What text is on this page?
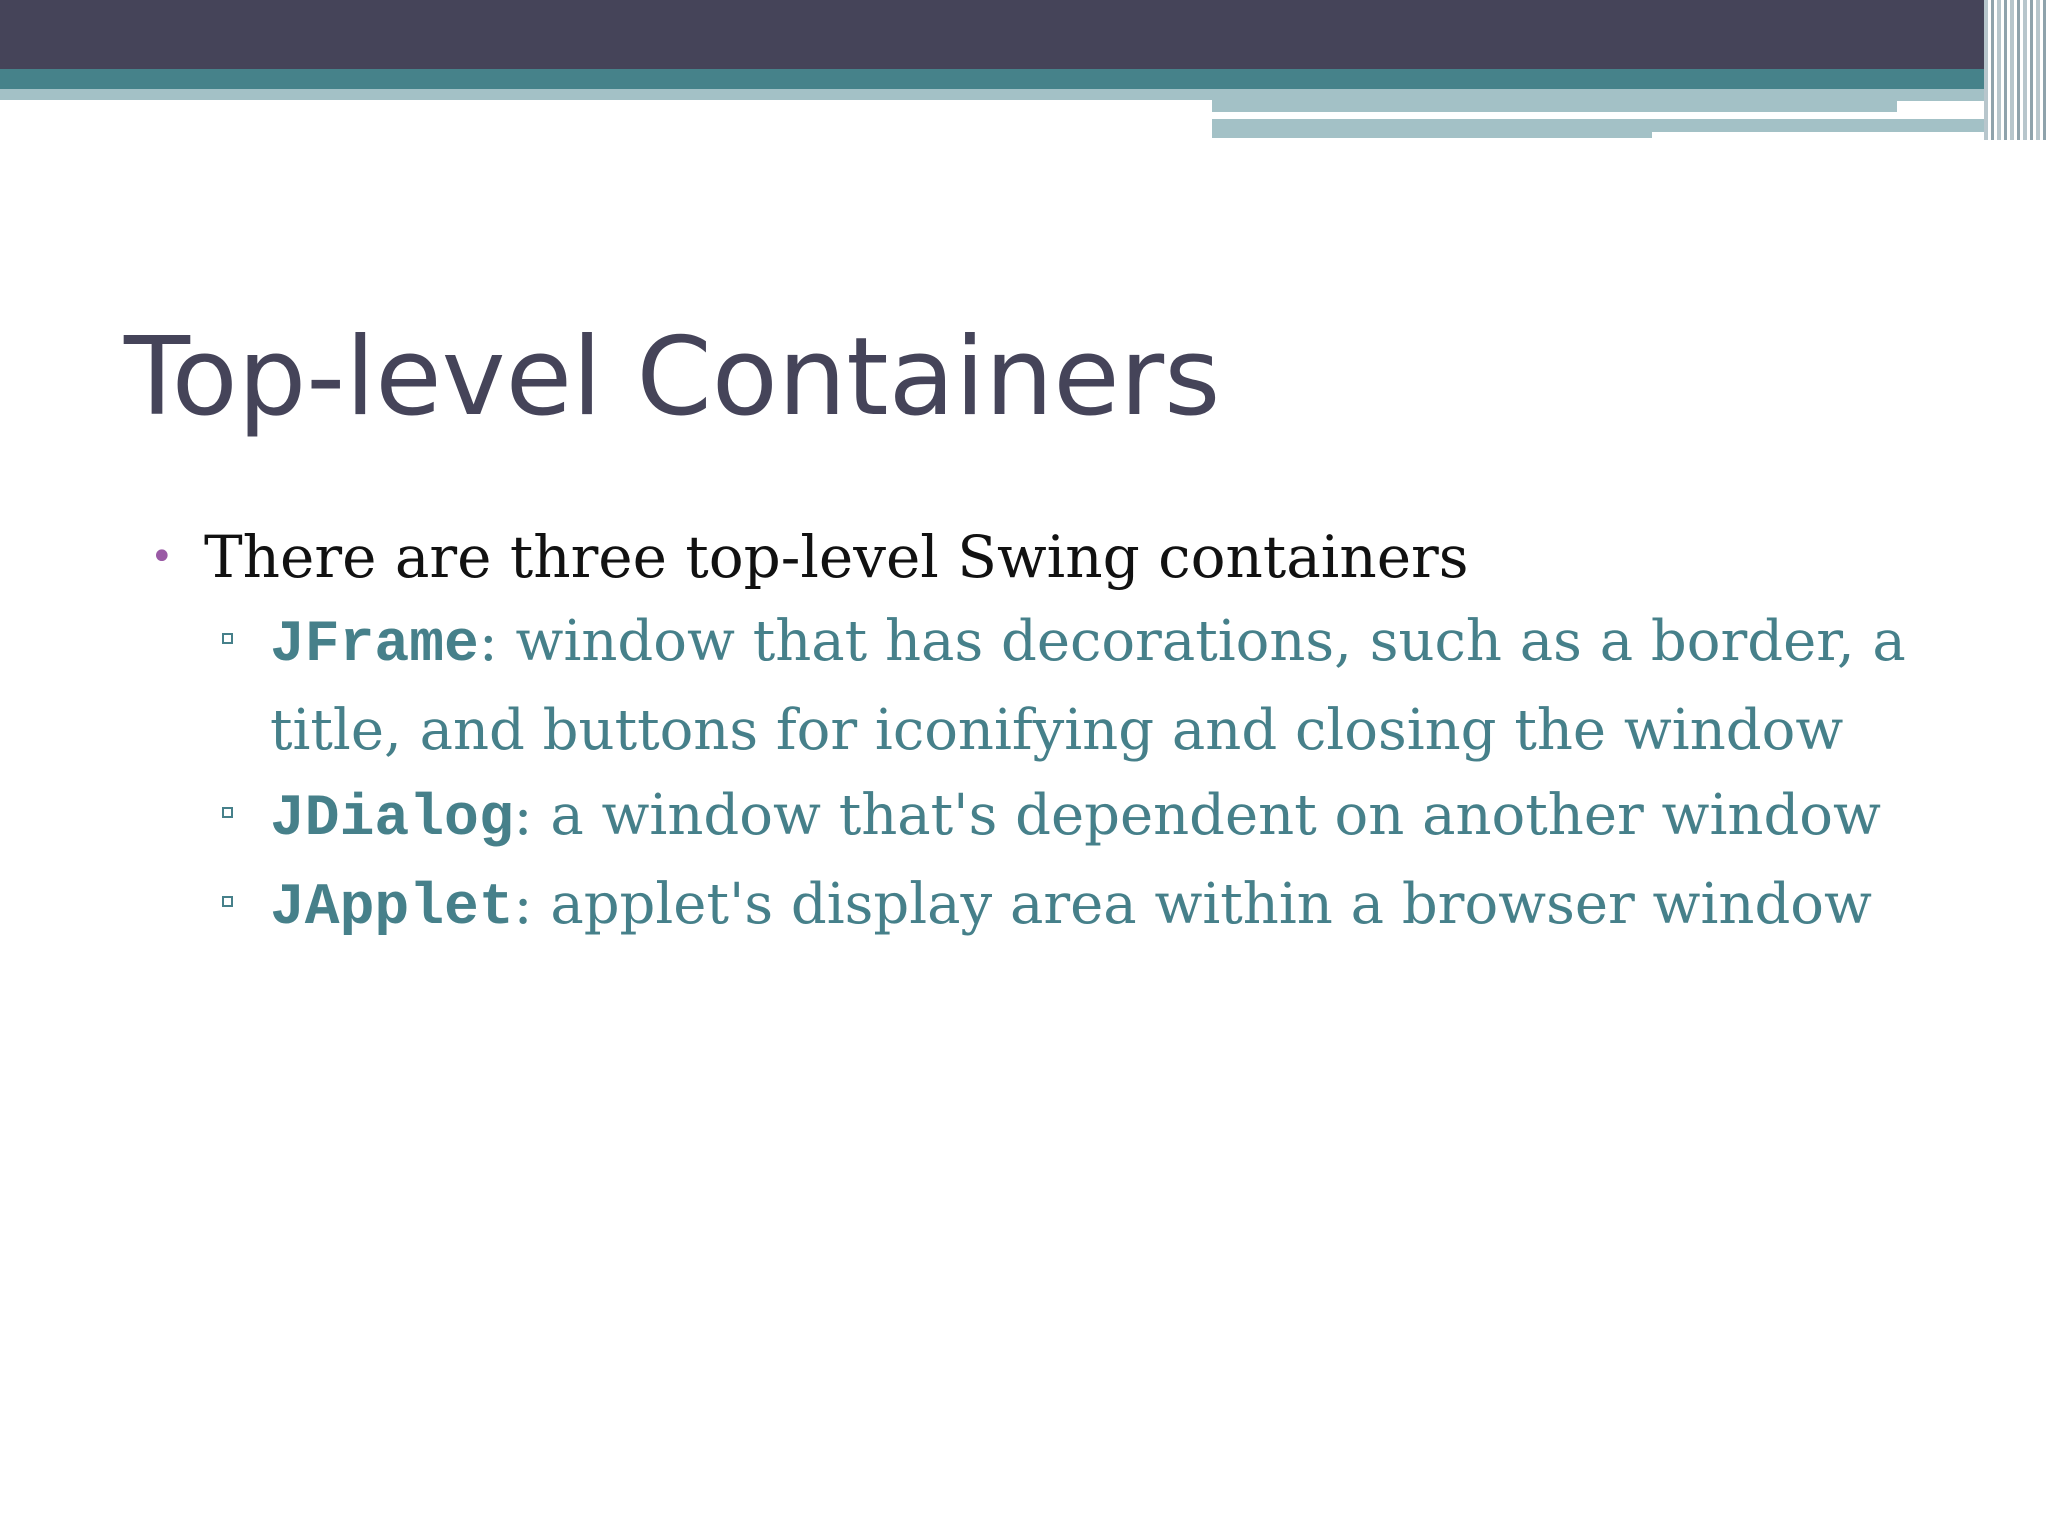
Top-level Containers
• There are three top-level Swing containers
JFrame: window that has decorations, such as a border, a title, and buttons for iconifying and closing the window
JDialog: a window that's dependent on another window
JApplet: applet's display area within a browser window
